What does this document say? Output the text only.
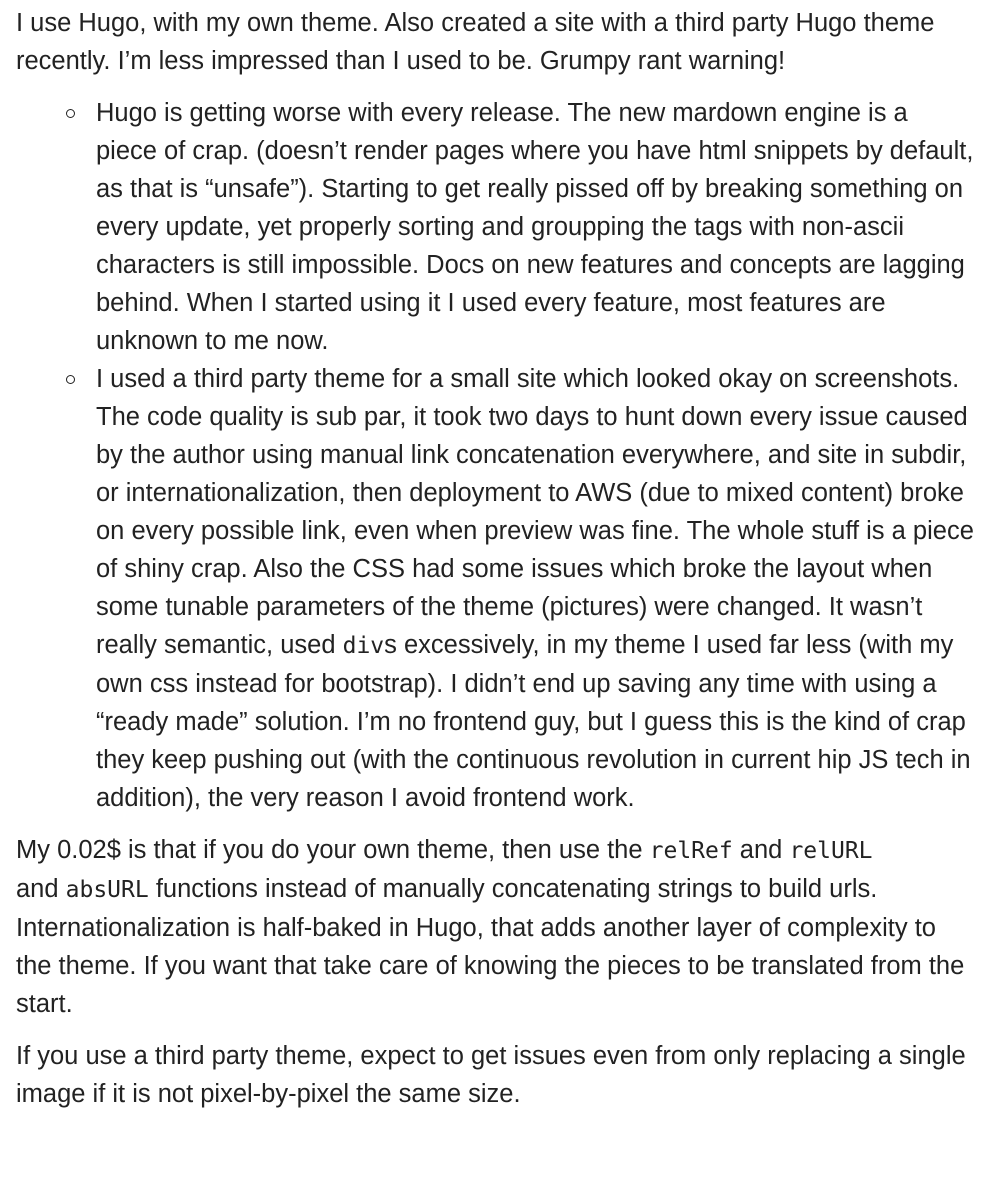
I use Hugo, with my own theme. Also created a site with a third party Hugo theme recently. I’m less impressed than I used to be. Grumpy rant warning!

Hugo is getting worse with every release. The new mardown engine is a piece of crap. (doesn’t render pages where you have html snippets by default, as that is “unsafe”). Starting to get really pissed off by breaking something on every update, yet properly sorting and groupping the tags with non-ascii characters is still impossible. Docs on new features and concepts are lagging behind. When I started using it I used every feature, most features are unknown to me now.
I used a third party theme for a small site which looked okay on screenshots. The code quality is sub par, it took two days to hunt down every issue caused by the author using manual link concatenation everywhere, and site in subdir, or internationalization, then deployment to AWS (due to mixed content) broke on every possible link, even when preview was fine. The whole stuff is a piece of shiny crap. Also the CSS had some issues which broke the layout when some tunable parameters of the theme (pictures) were changed. It wasn’t really semantic, used divs excessively, in my theme I used far less (with my own css instead for bootstrap). I didn’t end up saving any time with using a “ready made” solution. I’m no frontend guy, but I guess this is the kind of crap they keep pushing out (with the continuous revolution in current hip JS tech in addition), the very reason I avoid frontend work.

My 0.02$ is that if you do your own theme, then use the relRef and relURL
and absURL functions instead of manually concatenating strings to build urls. Internationalization is half-baked in Hugo, that adds another layer of complexity to the theme. If you want that take care of knowing the pieces to be translated from the start.

If you use a third party theme, expect to get issues even from only replacing a single image if it is not pixel-by-pixel the same size.
